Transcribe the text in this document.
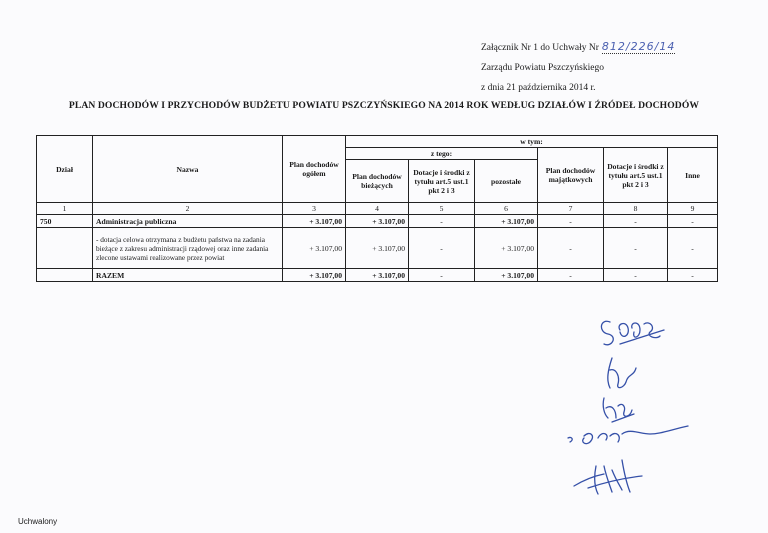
Załącznik Nr 1 do Uchwały Nr 812/226/14
Zarządu Powiatu Pszczyńskiego
z dnia 21 października 2014 r.
PLAN DOCHODÓW I PRZYCHODÓW BUDŻETU POWIATU PSZCZYŃSKIEGO NA 2014 ROK WEDŁUG DZIAŁÓW I ŹRÓDEŁ DOCHODÓW
Dział	Nazwa	Plan dochodów ogółem	w tym:					
			z tego:			Plan dochodów majątkowych	Dotacje i środki z tytułu art.5 ust.1 pkt 2 i 3	Inne
			Plan dochodów bieżących	Dotacje i środki z tytułu art.5 ust.1 pkt 2 i 3	pozostałe			
1	2	3	4	5	6	7	8	9
750	Administracja publiczna	+ 3.107,00	+ 3.107,00	-	+ 3.107,00	-	-	-
	- dotacja celowa otrzymana z budżetu państwa na zadania bieżące z zakresu administracji rządowej oraz inne zadania zlecone ustawami realizowane przez powiat	+ 3.107,00	+ 3.107,00	-	+ 3.107,00	-	-	-
	RAZEM	+ 3.107,00	+ 3.107,00	-	+ 3.107,00	-	-	-
Uchwalony
